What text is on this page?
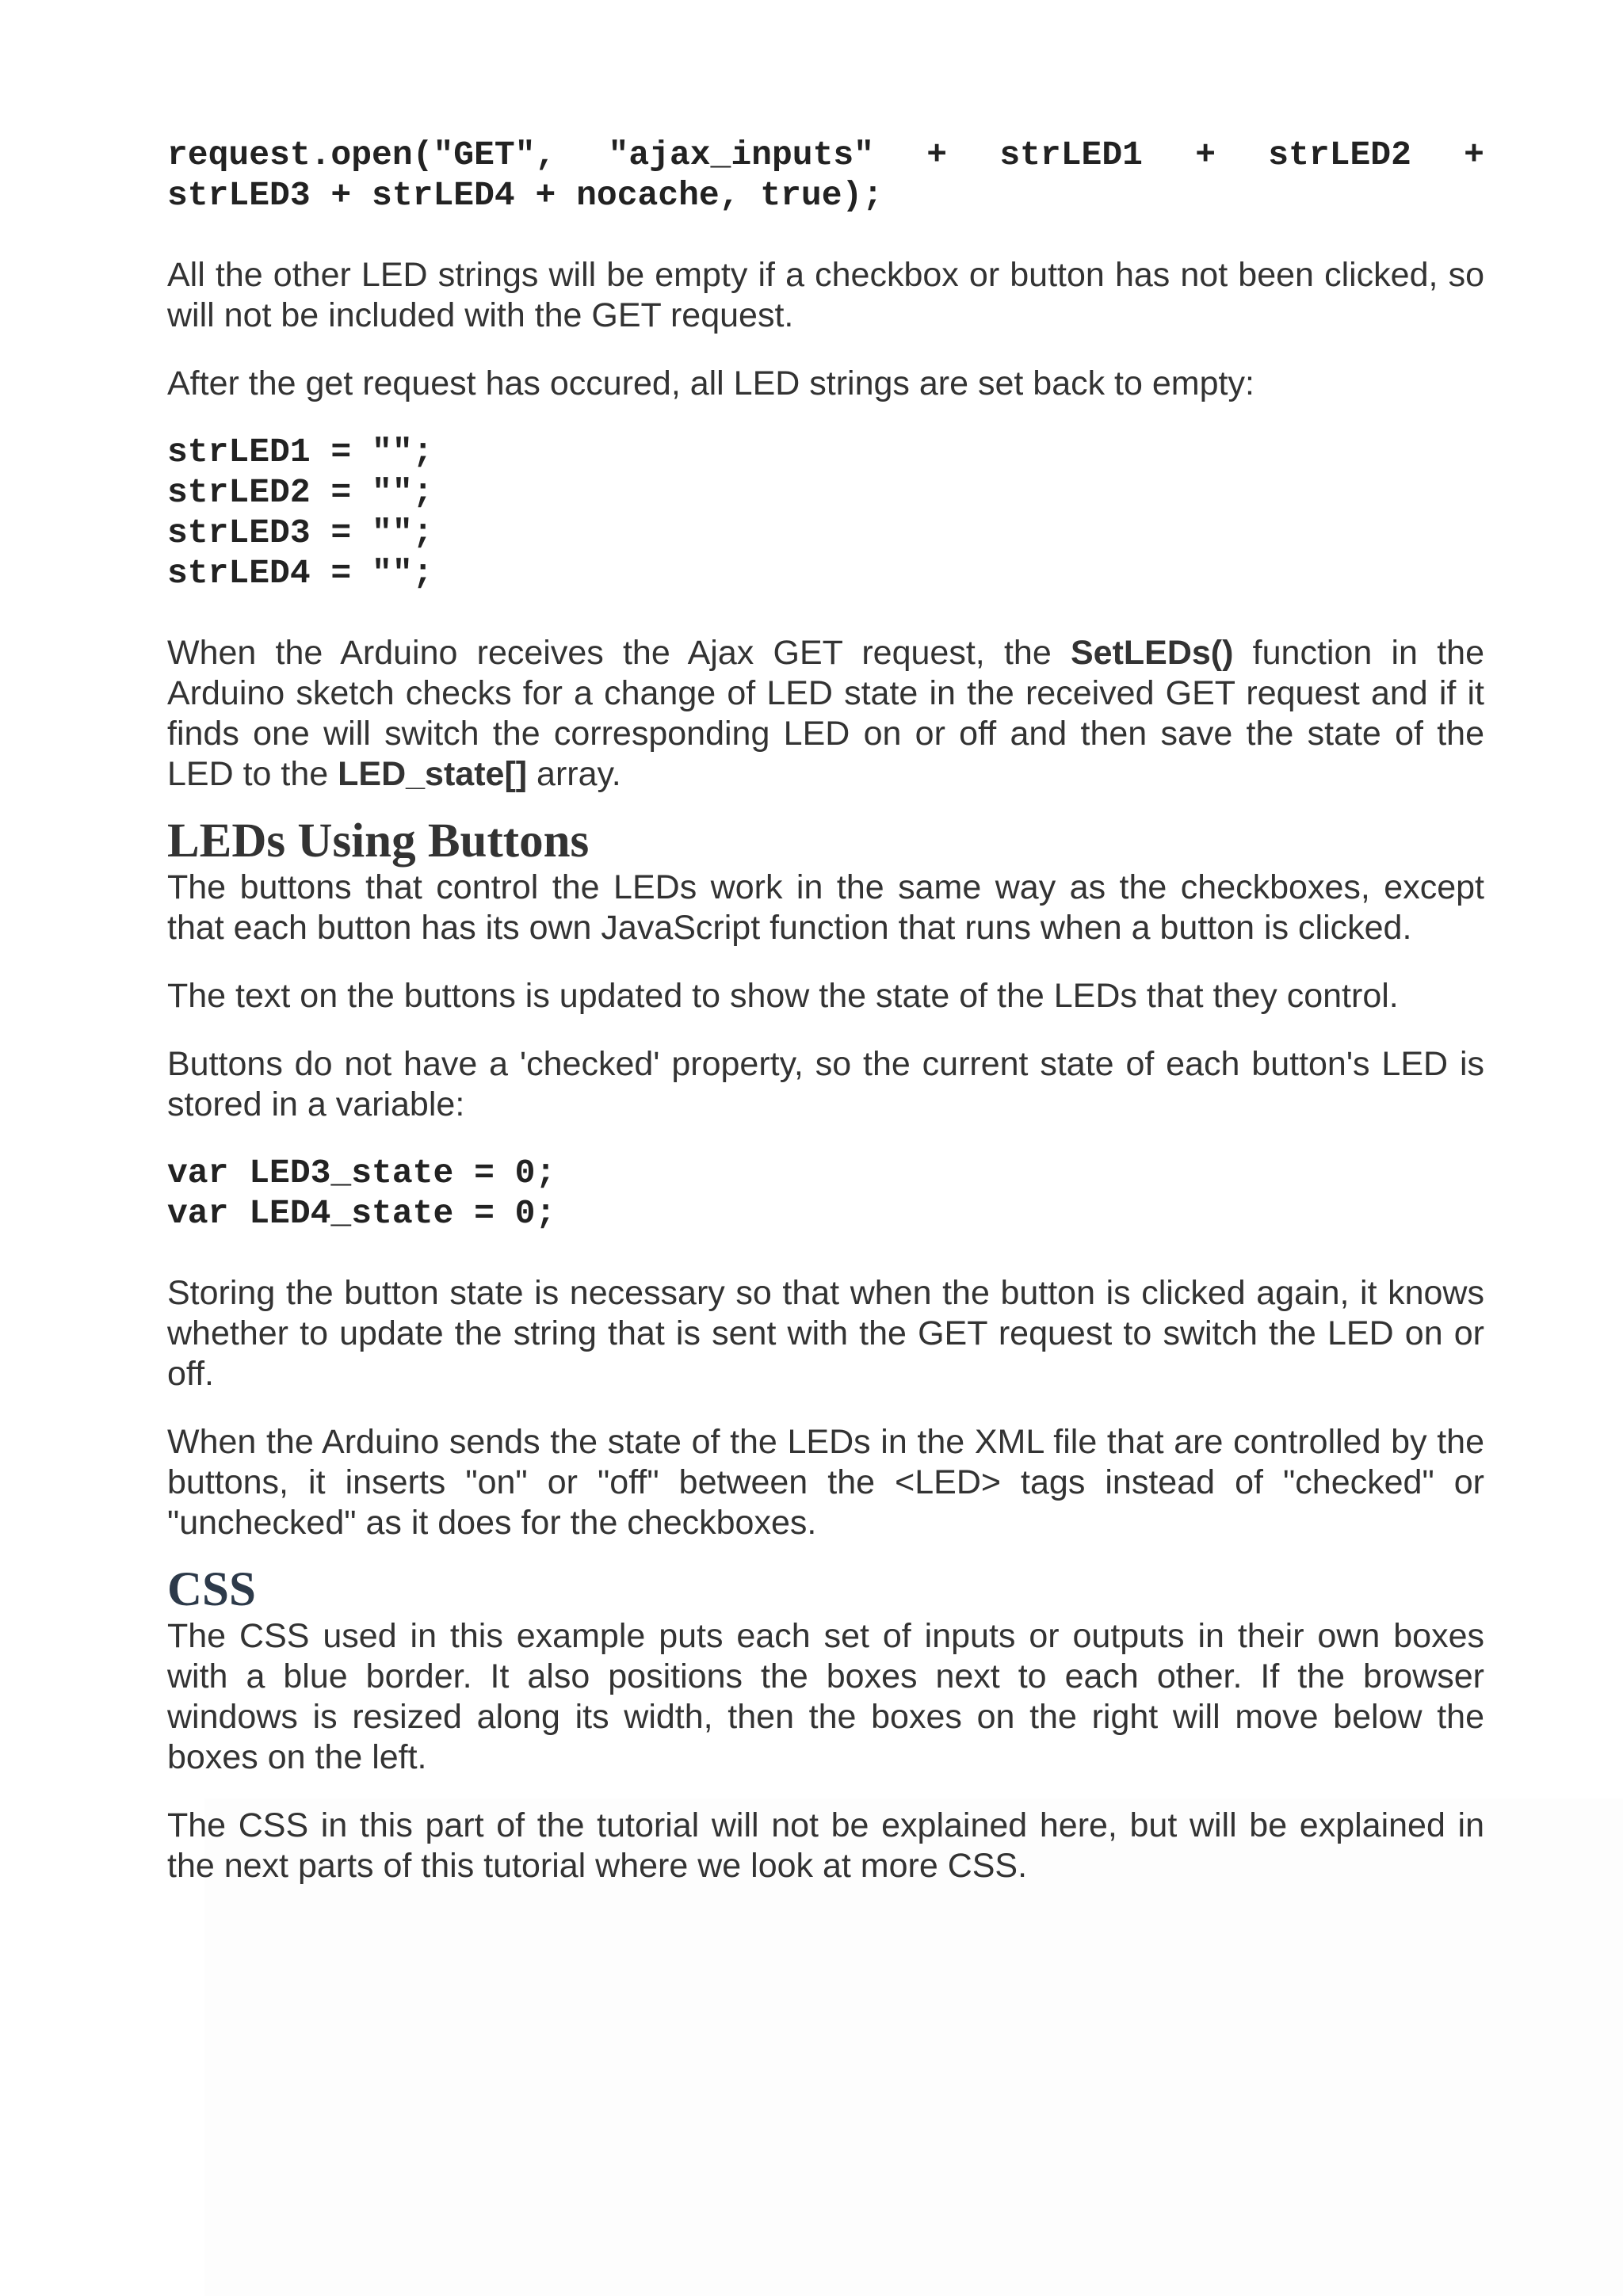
request.open("GET", "ajax_inputs" + strLED1 + strLED2 +
strLED3 + strLED4 + nocache, true);

All the other LED strings will be empty if a checkbox or button has not been clicked, so will not be included with the GET request.

After the get request has occured, all LED strings are set back to empty:

strLED1 = "";
strLED2 = "";
strLED3 = "";
strLED4 = "";

When the Arduino receives the Ajax GET request, the SetLEDs() function in the Arduino sketch checks for a change of LED state in the received GET request and if it finds one will switch the corresponding LED on or off and then save the state of the LED to the LED_state[] array.

LEDs Using Buttons

The buttons that control the LEDs work in the same way as the checkboxes, except that each button has its own JavaScript function that runs when a button is clicked.

The text on the buttons is updated to show the state of the LEDs that they control.

Buttons do not have a 'checked' property, so the current state of each button's LED is stored in a variable:

var LED3_state = 0;
var LED4_state = 0;

Storing the button state is necessary so that when the button is clicked again, it knows whether to update the string that is sent with the GET request to switch the LED on or off.

When the Arduino sends the state of the LEDs in the XML file that are controlled by the buttons, it inserts "on" or "off" between the <LED> tags instead of "checked" or "unchecked" as it does for the checkboxes.

CSS

The CSS used in this example puts each set of inputs or outputs in their own boxes with a blue border. It also positions the boxes next to each other. If the browser windows is resized along its width, then the boxes on the right will move below the boxes on the left.

The CSS in this part of the tutorial will not be explained here, but will be explained in the next parts of this tutorial where we look at more CSS.
